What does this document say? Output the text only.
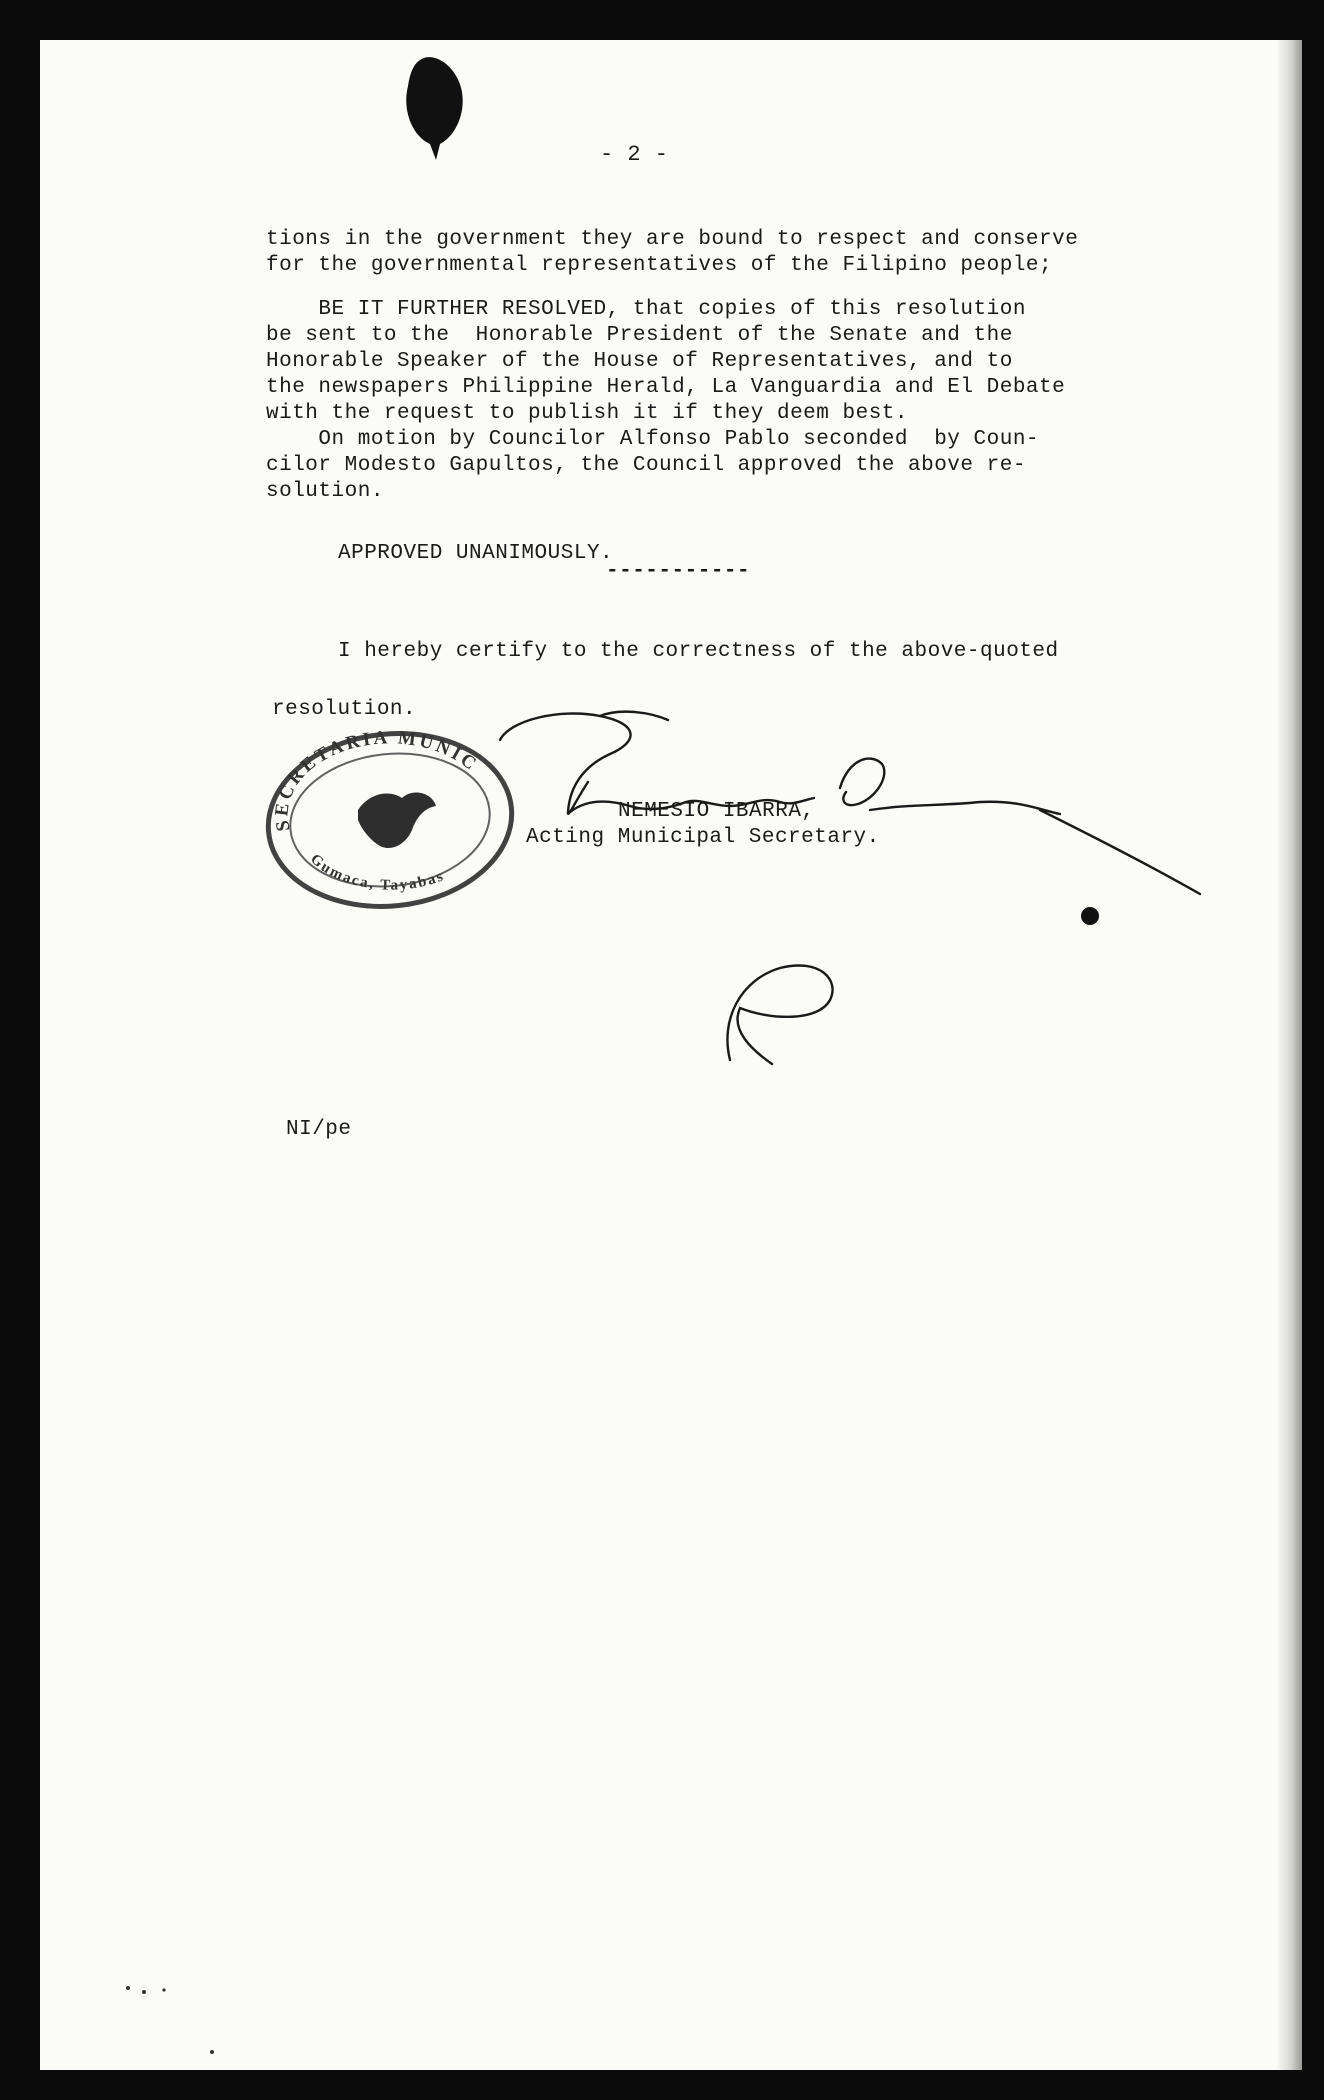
- 2 -
tions in the government they are bound to respect and conserve
for the governmental representatives of the Filipino people;
BE IT FURTHER RESOLVED, that copies of this resolution
be sent to the  Honorable President of the Senate and the
Honorable Speaker of the House of Representatives, and to
the newspapers Philippine Herald, La Vanguardia and El Debate
with the request to publish it if they deem best.
On motion by Councilor Alfonso Pablo seconded  by Coun-
cilor Modesto Gapultos, the Council approved the above re-
solution.
APPROVED UNANIMOUSLY.
-----------
I hereby certify to the correctness of the above-quoted
resolution.
NEMESIO IBARRA,
Acting Municipal Secretary.
NI/pe
SECRETARIA MUNIC
Gumaca, Tayabas
